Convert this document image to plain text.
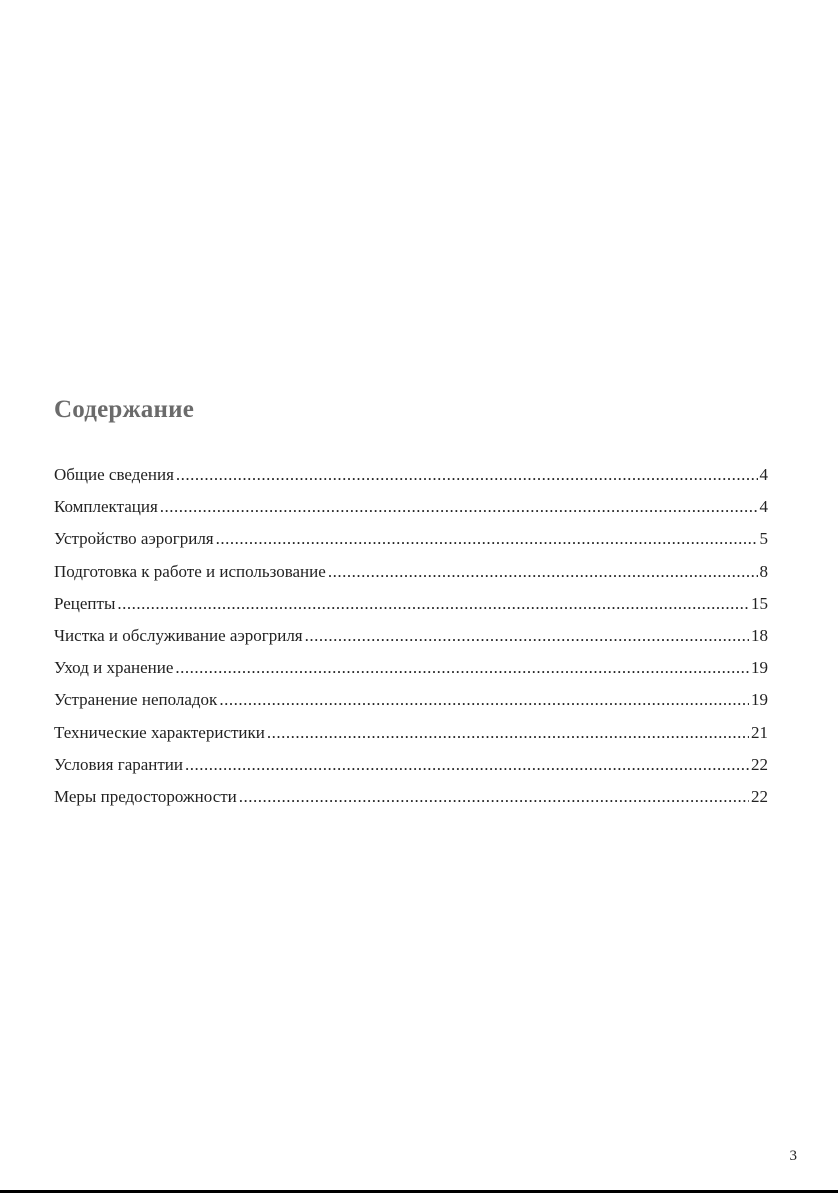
Содержание
Общие сведения .....	4
Комплектация .....	4
Устройство аэрогриля .....	5
Подготовка к работе и использование .....	8
Рецепты .....	15
Чистка и обслуживание аэрогриля .....	18
Уход и хранение .....	19
Устранение неполадок .....	19
Технические характеристики .....	21
Условия гарантии .....	22
Меры предосторожности .....	22
3
